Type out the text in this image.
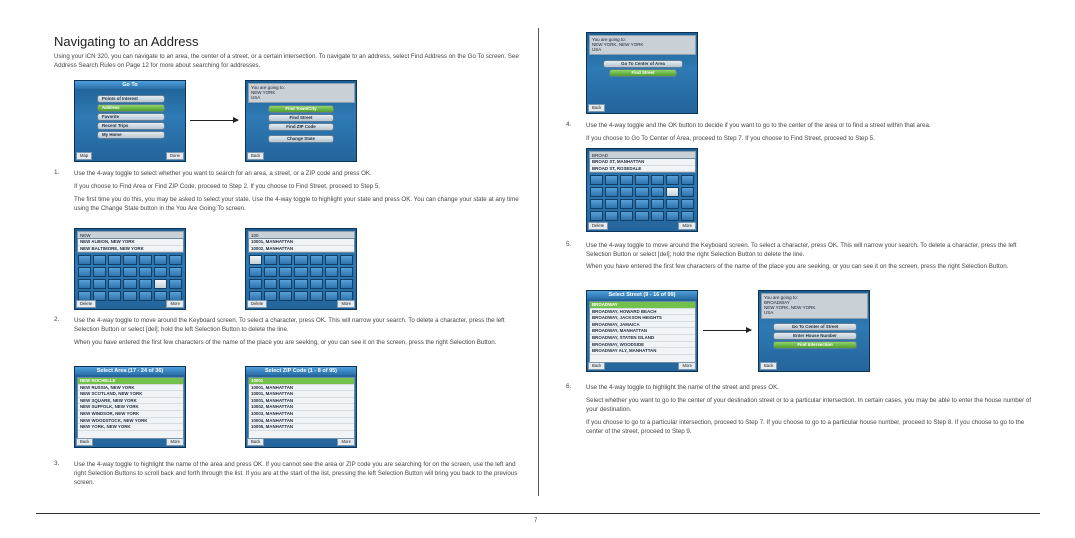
Navigating to an Address
Using your iCN 320, you can navigate to an area, the center of a street, or a certain intersection. To navigate to an address, select Find Address on the Go To screen. See Address Search Rules on Page 12 for more about searching for addresses.
Go To
Points of Interest
Address
Favorite
Recent Trips
My Home
Map	Done
You are going to:
NEW YORK
USA
Find Town/City
Find Street
Find ZIP Code
Change State
Back
1. Use the 4-way toggle to select whether you want to search for an area, a street, or a ZIP code and press OK.
If you choose to Find Area or Find ZIP Code, proceed to Step 2. If you choose to Find Street, proceed to Step 5.
The first time you do this, you may be asked to select your state. Use the 4-way toggle to highlight your state and press OK. You can change your state at any time using the Change State button in the You Are Going To screen.
NEW
NEW ALBION, NEW YORK
NEW BALTIMORE, NEW YORK
Delete	More
100
10001, MANHATTAN
10002, MANHATTAN
Delete	More
2. Use the 4-way toggle to move around the Keyboard screen. To select a character, press OK. This will narrow your search. To delete a character, press the left Selection Button or select [del]; hold the left Selection Button to delete the line.
When you have entered the first few characters of the name of the place you are seeking, or you can see it on the screen, press the right Selection Button.
Select Area (17 - 24 of 36)
NEW ROCHELLE
NEW RUSSIA, NEW YORK
NEW SCOTLAND, NEW YORK
NEW SQUARE, NEW YORK
NEW SUFFOLK, NEW YORK
NEW WINDSOR, NEW YORK
NEW WOODSTOCK, NEW YORK
NEW YORK, NEW YORK
Back	More
Select ZIP Code (1 - 8 of 95)
10001
10001, MANHATTAN
10001, MANHATTAN
10001, MANHATTAN
10002, MANHATTAN
10003, MANHATTAN
10004, MANHATTAN
10005, MANHATTAN
Back	More
3. Use the 4-way toggle to highlight the name of the area and press OK. If you cannot see the area or ZIP code you are searching for on the screen, use the left and right Selection Buttons to scroll back and forth through the list. If you are at the start of the list, pressing the left Selection Button will bring you back to the previous screen.
You are going to:
NEW YORK, NEW YORK
USA
Go To Center of Area
Find Street
Back
4. Use the 4-way toggle and the OK button to decide if you want to go to the center of the area or to find a street within that area.
If you choose to Go To Center of Area, proceed to Step 7. If you choose to Find Street, proceed to Step 5.
BROAD
BROAD ST, MANHATTAN
BROAD ST, ROSEDALE
Delete	More
5. Use the 4-way toggle to move around the Keyboard screen. To select a character, press OK. This will narrow your search. To delete a character, press the left Selection Button or select [del]; hold the right Selection Button to delete the line.
When you have entered the first few characters of the name of the place you are seeking, or you can see it on the screen, press the right Selection Button.
Select Street (9 - 16 of 99)
BROADWAY
BROADWAY, HOWARD BEACH
BROADWAY, JACKSON HEIGHTS
BROADWAY, JAMAICA
BROADWAY, MANHATTAN
BROADWAY, STATEN ISLAND
BROADWAY, WOODSIDE
BROADWAY ALY, MANHATTAN
Back	More
You are going to:
BROADWAY
NEW YORK, NEW YORK
USA
Go To Center of Street
Enter House Number
Find Intersection
Back
6. Use the 4-way toggle to highlight the name of the street and press OK.
Select whether you want to go to the center of your destination street or to a particular intersection. In certain cases, you may be able to enter the house number of your destination.
If you choose to go to a particular intersection, proceed to Step 7. If you choose to go to a particular house number, proceed to Step 8. If you choose to go to the center of the street, proceed to Step 9.
7
